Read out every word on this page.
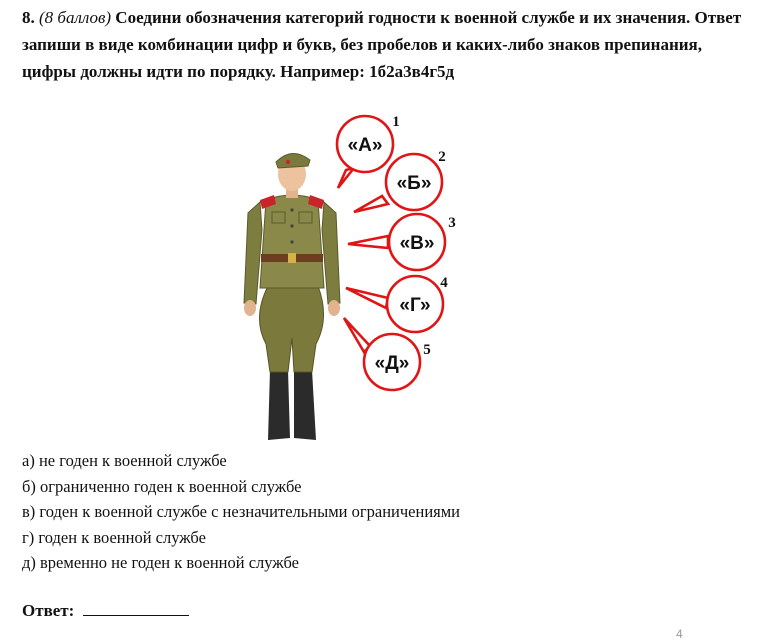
8. (8 баллов) Соедини обозначения категорий годности к военной службе и их значения. Ответ запиши в виде комбинации цифр и букв, без пробелов и каких-либо знаков препинания, цифры должны идти по порядку. Например: 1б2а3в4г5д
«А»
1
«Б»
2
«В»
3
«Г»
4
«Д»
5
а) не годен к военной службе
б) ограниченно годен к военной службе
в) годен к военной службе с незначительными ограничениями
г) годен к военной службе
д) временно не годен к военной службе
Ответ:
4
